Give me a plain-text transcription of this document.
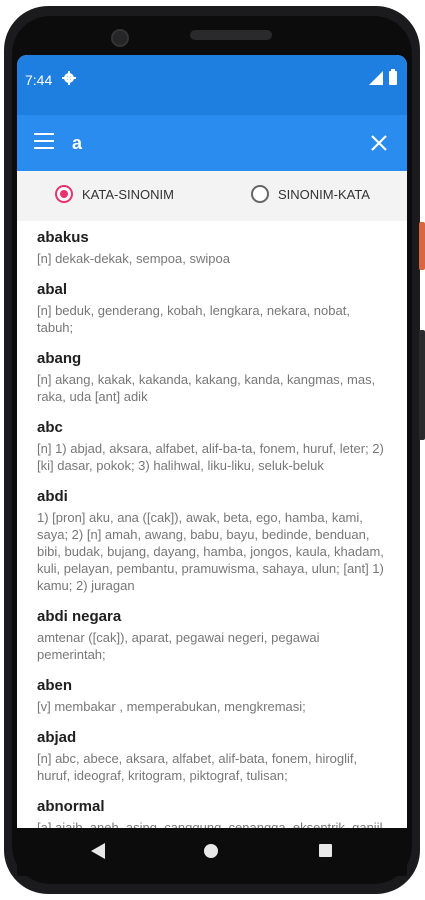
7:44
a
KATA-SINONIM	SINONIM-KATA
abakus
[n] dekak-dekak, sempoa, swipoa
abal
[n] beduk, genderang, kobah, lengkara, nekara, nobat, tabuh;
abang
[n] akang, kakak, kakanda, kakang, kanda, kangmas, mas, raka, uda [ant] adik
abc
[n] 1) abjad, aksara, alfabet, alif-ba-ta, fonem, huruf, leter; 2) [ki] dasar, pokok; 3) halihwal, liku-liku, seluk-beluk
abdi
1) [pron] aku, ana ([cak]), awak, beta, ego, hamba, kami, saya; 2) [n] amah, awang, babu, bayu, bedinde, benduan, bibi, budak, bujang, dayang, hamba, jongos, kaula, khadam, kuli, pelayan, pembantu, pramuwisma, sahaya, ulun; [ant] 1) kamu; 2) juragan
abdi negara
amtenar ([cak]), aparat, pegawai negeri, pegawai pemerintah;
aben
[v] membakar , memperabukan, mengkremasi;
abjad
[n] abc, abece, aksara, alfabet, alif-bata, fonem, hiroglif, huruf, ideograf, kritogram, piktograf, tulisan;
abnormal
